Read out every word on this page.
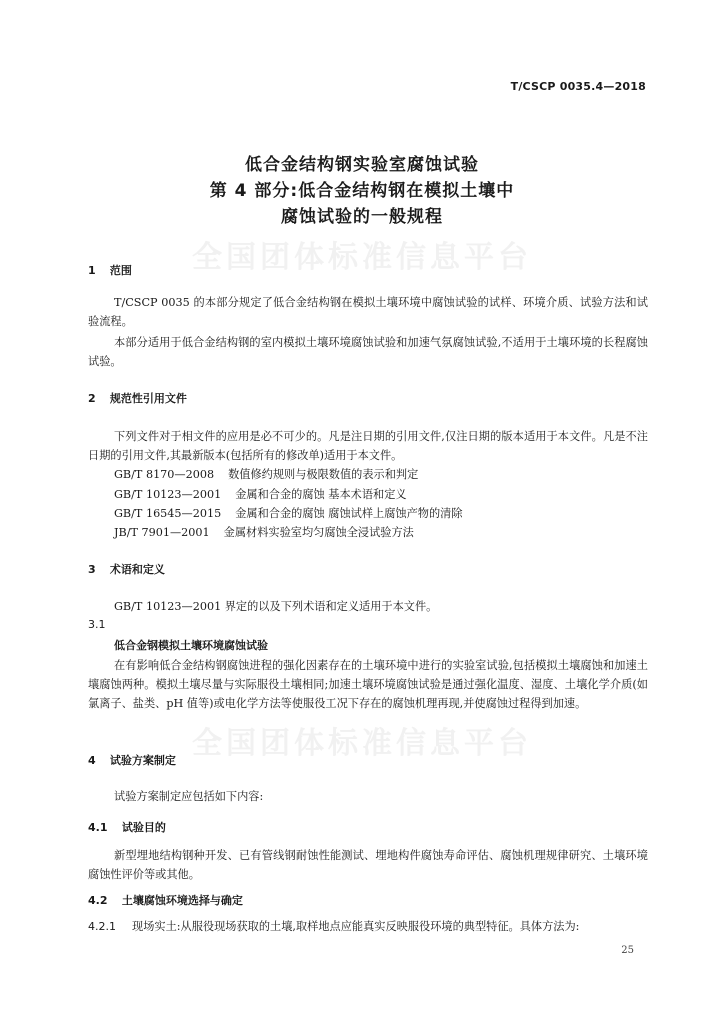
T/CSCP 0035.4—2018
低合金结构钢实验室腐蚀试验
第 4 部分:低合金结构钢在模拟土壤中
腐蚀试验的一般规程
全国团体标准信息平台
全国团体标准信息平台
1 范围
T/CSCP 0035 的本部分规定了低合金结构钢在模拟土壤环境中腐蚀试验的试样、环境介质、试验方法和试验流程。
本部分适用于低合金结构钢的室内模拟土壤环境腐蚀试验和加速气氛腐蚀试验,不适用于土壤环境的长程腐蚀试验。
2 规范性引用文件
下列文件对于相文件的应用是必不可少的。凡是注日期的引用文件,仅注日期的版本适用于本文件。凡是不注日期的引用文件,其最新版本(包括所有的修改单)适用于本文件。
GB/T 8170—2008 数值修约规则与极限数值的表示和判定
GB/T 10123—2001 金属和合金的腐蚀 基本术语和定义
GB/T 16545—2015 金属和合金的腐蚀 腐蚀试样上腐蚀产物的清除
JB/T 7901—2001 金属材料实验室均匀腐蚀全浸试验方法
3 术语和定义
GB/T 10123—2001 界定的以及下列术语和定义适用于本文件。
3.1
低合金钢模拟土壤环境腐蚀试验
在有影响低合金结构钢腐蚀进程的强化因素存在的土壤环境中进行的实验室试验,包括模拟土壤腐蚀和加速土壤腐蚀两种。模拟土壤尽量与实际服役土壤相同;加速土壤环境腐蚀试验是通过强化温度、湿度、土壤化学介质(如氯离子、盐类、pH 值等)或电化学方法等使服役工况下存在的腐蚀机理再现,并使腐蚀过程得到加速。
4 试验方案制定
试验方案制定应包括如下内容:
4.1 试验目的
新型埋地结构钢种开发、已有管线钢耐蚀性能测试、埋地构件腐蚀寿命评估、腐蚀机理规律研究、土壤环境腐蚀性评价等或其他。
4.2 土壤腐蚀环境选择与确定
4.2.1 现场实土:从服役现场获取的土壤,取样地点应能真实反映服役环境的典型特征。具体方法为:
25
